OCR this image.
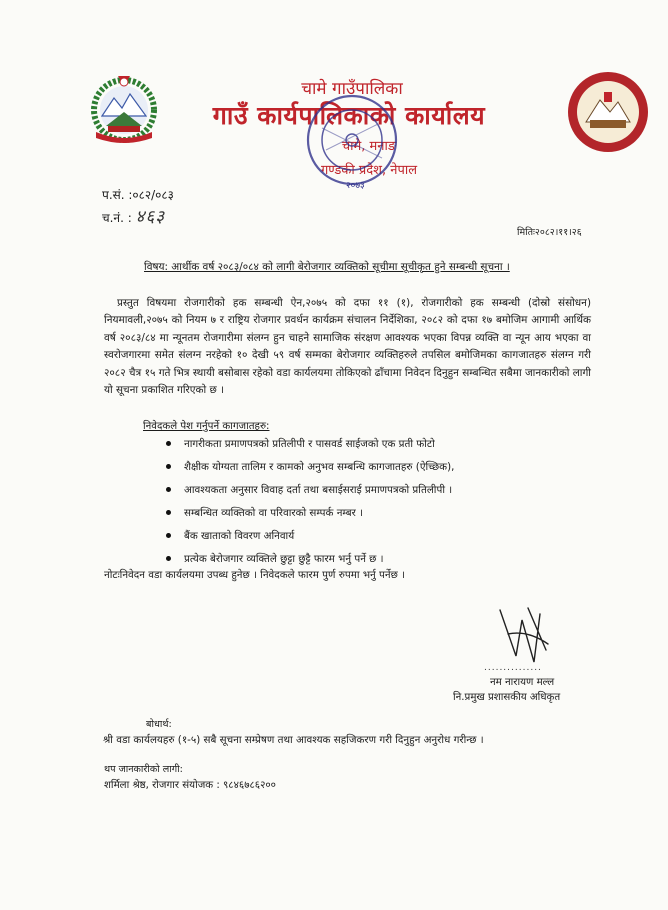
चामे गाउँपालिका
गाउँ कार्यपालिकाको कार्यालय
चामे, मनाङ
गण्डकी प्रदेश, नेपाल
२०७३
प.सं. :०८२/०८३
च.नं. : ४६३
मितिः२०८२।११।२६
विषय: आर्थीक वर्ष २०८३/०८४ को लागी बेरोजगार व्यक्तिको सूचीमा सूचीकृत हुने सम्बन्धी सूचना ।
प्रस्तुत विषयमा रोजगारीको हक सम्बन्धी ऐन,२०७५ को दफा ११ (१), रोजगारीको हक सम्बन्धी (दोस्रो संसोधन) नियमावली,२०७५ को नियम ७ र राष्ट्रिय रोजगार प्रवर्धन कार्यक्रम संचालन निर्देशिका, २०८२ को दफा १७ बमोजिम आगामी आर्थिक वर्ष २०८३/८४ मा न्यूनतम रोजगारीमा संलग्न हुन चाहने सामाजिक संरक्षण आवश्यक भएका विपन्न व्यक्ति वा न्यून आय भएका वा स्वरोजगारमा समेत संलग्न नरहेको १० देखी ५९ वर्ष सम्मका बेरोजगार व्यक्तिहरुले तपसिल बमोजिमका कागजातहरु संलग्न गरी २०८२ चैत्र १५ गते भित्र स्थायी बसोबास रहेको वडा कार्यलयमा तोकिएको ढाँचामा निवेदन दिनुहुन सम्बन्धित सबैमा जानकारीको लागी यो सूचना प्रकाशित गरिएको छ ।
निवेदकले पेश गर्नुपर्ने कागजातहरु:
नागरीकता प्रमाणपत्रको प्रतिलीपी र पासवर्ड साईजको एक प्रती फोटो
शैक्षीक योग्यता तालिम र कामको अनुभव सम्बन्धि कागजातहरु (ऐच्छिक),
आवश्यकता अनुसार विवाह दर्ता तथा बसाईसराई प्रमाणपत्रको प्रतिलीपी ।
सम्बन्धित व्यक्तिको वा परिवारको सम्पर्क नम्बर ।
बैंक खाताको विवरण अनिवार्य
प्रत्येक बेरोजगार व्यक्तिले छुट्टा छुट्टै फारम भर्नु पर्ने छ ।
नोटःनिवेदन वडा कार्यलयमा उपब्ध हुनेछ । निवेदकले फारम पुर्ण रुपमा भर्नु पर्नेछ ।
...............
नम नारायण मल्ल
नि.प्रमुख प्रशासकीय अधिकृत
बोधार्थ:
श्री वडा कार्यलयहरु (१-५) सबै सूचना सम्प्रेषण तथा आवश्यक सहजिकरण गरी दिनुहुन अनुरोध गरीन्छ ।
थप जानकारीको लागी:
शर्मिला श्रेष्ठ, रोजगार संयोजक : ९८४६७८६२००
